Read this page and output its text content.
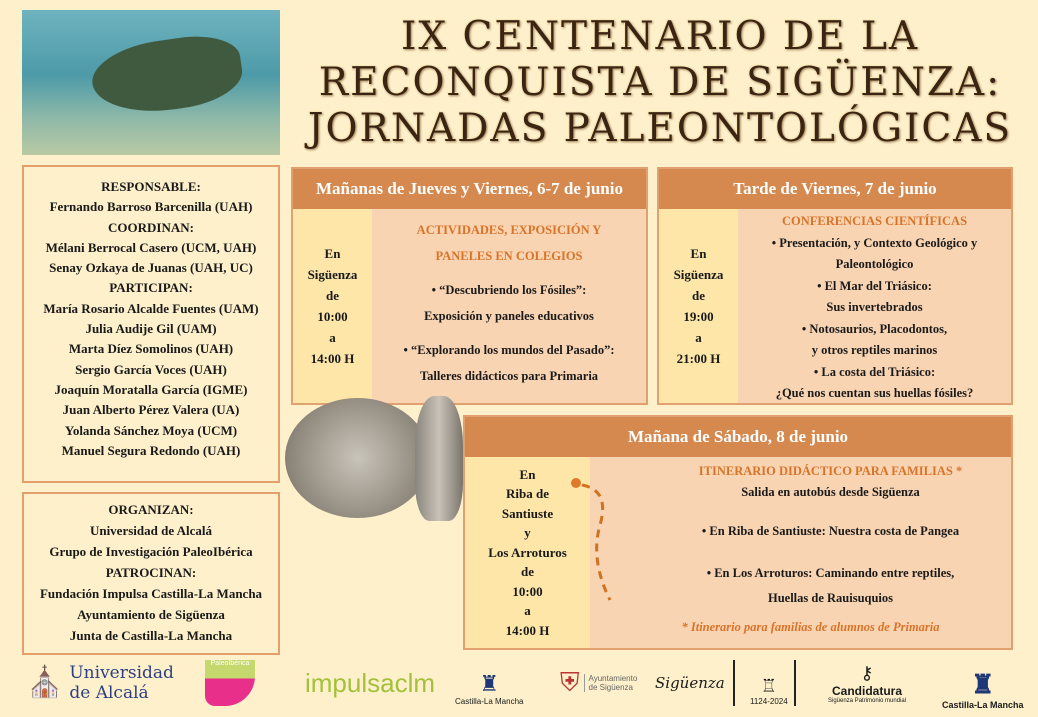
IX CENTENARIO DE LA
RECONQUISTA DE SIGÜENZA:
JORNADAS PALEONTOLÓGICAS
RESPONSABLE:
Fernando Barroso Barcenilla (UAH)
COORDINAN:
Mélani Berrocal Casero (UCM, UAH)
Senay Ozkaya de Juanas (UAH, UC)
PARTICIPAN:
María Rosario Alcalde Fuentes (UAM)
Julia Audije Gil (UAM)
Marta Díez Somolinos (UAH)
Sergio García Voces (UAH)
Joaquín Moratalla García (IGME)
Juan Alberto Pérez Valera (UA)
Yolanda Sánchez Moya (UCM)
Manuel Segura Redondo (UAH)
ORGANIZAN:
Universidad de Alcalá
Grupo de Investigación PaleoIbérica
PATROCINAN:
Fundación Impulsa Castilla-La Mancha
Ayuntamiento de Sigüenza
Junta de Castilla-La Mancha
Mañanas de Jueves y Viernes, 6-7 de junio
En
Sigüenza
de
10:00
a
14:00 H
ACTIVIDADES, EXPOSICIÓN Y
PANELES EN COLEGIOS
• “Descubriendo los Fósiles”:
Exposición y paneles educativos
• “Explorando los mundos del Pasado”:
Talleres didácticos para Primaria
Tarde de Viernes, 7 de junio
En
Sigüenza
de
19:00
a
21:00 H
CONFERENCIAS CIENTÍFICAS
• Presentación, y Contexto Geológico y
Paleontológico
• El Mar del Triásico:
Sus invertebrados
• Notosaurios, Placodontos,
y otros reptiles marinos
• La costa del Triásico:
¿Qué nos cuentan sus huellas fósiles?
Mañana de Sábado, 8 de junio
En
Riba de
Santiuste
y
Los Arroturos
de
10:00
a
14:00 H
ITINERARIO DIDÁCTICO PARA FAMILIAS *
Salida en autobús desde Sigüenza
• En Riba de Santiuste: Nuestra costa de Pangea
• En Los Arroturos: Caminando entre reptiles,
Huellas de Rauisuquios
* Itinerario para familias de alumnos de Primaria
⛪ Universidad
de Alcalá
PaleoIbérica
impulsaclm ♜
Castilla-La Mancha
⛨	Ayuntamiento de Sigüenza	Sigüenza	♖
1124-2024
⚷
Candidatura
Sigüenza Patrimonio mundial
♜
Castilla-La Mancha
